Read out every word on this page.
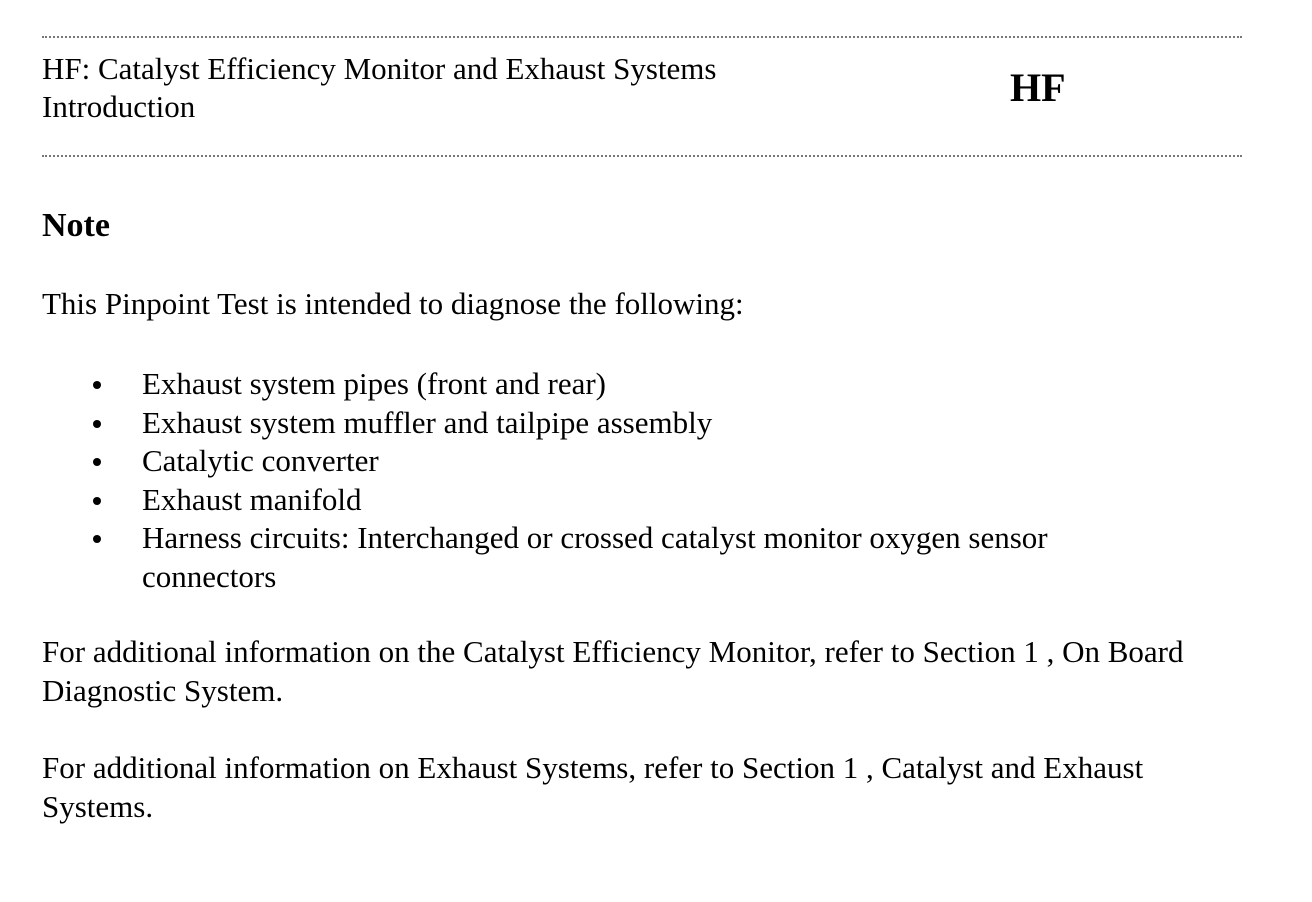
HF: Catalyst Efficiency Monitor and Exhaust Systems
Introduction	HF
Note
This Pinpoint Test is intended to diagnose the following:
Exhaust system pipes (front and rear)
Exhaust system muffler and tailpipe assembly
Catalytic converter
Exhaust manifold
Harness circuits: Interchanged or crossed catalyst monitor oxygen sensor connectors
For additional information on the Catalyst Efficiency Monitor, refer to Section 1 , On Board Diagnostic System.
For additional information on Exhaust Systems, refer to Section 1 , Catalyst and Exhaust Systems.
